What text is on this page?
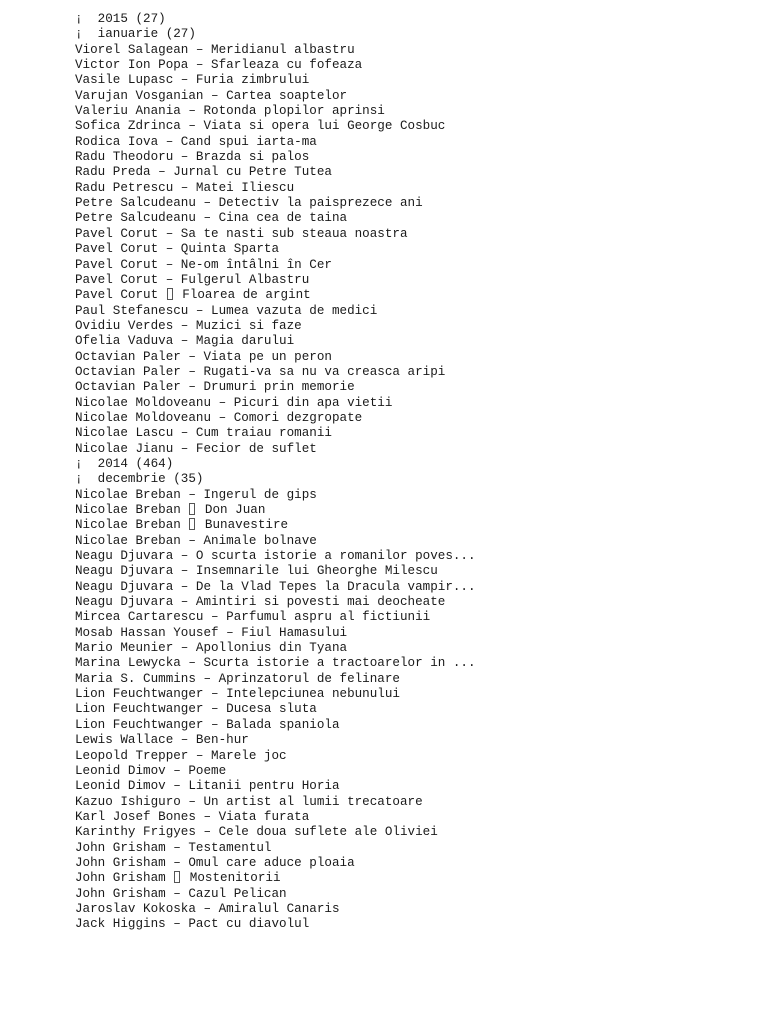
¡  2015 (27)
¡  ianuarie (27)
Viorel Salagean – Meridianul albastru
Victor Ion Popa – Sfarleaza cu fofeaza
Vasile Lupasc – Furia zimbrului
Varujan Vosganian – Cartea soaptelor
Valeriu Anania – Rotonda plopilor aprinsi
Sofica Zdrinca – Viata si opera lui George Cosbuc
Rodica Iova – Cand spui iarta-ma
Radu Theodoru – Brazda si palos
Radu Preda – Jurnal cu Petre Tutea
Radu Petrescu – Matei Iliescu
Petre Salcudeanu – Detectiv la paisprezece ani
Petre Salcudeanu – Cina cea de taina
Pavel Corut – Sa te nasti sub steaua noastra
Pavel Corut – Quinta Sparta
Pavel Corut – Ne-om întâlni în Cer
Pavel Corut – Fulgerul Albastru
Pavel Corut  Floarea de argint
Paul Stefanescu – Lumea vazuta de medici
Ovidiu Verdes – Muzici si faze
Ofelia Vaduva – Magia darului
Octavian Paler – Viata pe un peron
Octavian Paler – Rugati-va sa nu va creasca aripi
Octavian Paler – Drumuri prin memorie
Nicolae Moldoveanu – Picuri din apa vietii
Nicolae Moldoveanu – Comori dezgropate
Nicolae Lascu – Cum traiau romanii
Nicolae Jianu – Fecior de suflet
¡  2014 (464)
¡  decembrie (35)
Nicolae Breban – Ingerul de gips
Nicolae Breban  Don Juan
Nicolae Breban  Bunavestire
Nicolae Breban – Animale bolnave
Neagu Djuvara – O scurta istorie a romanilor poves...
Neagu Djuvara – Insemnarile lui Gheorghe Milescu
Neagu Djuvara – De la Vlad Tepes la Dracula vampir...
Neagu Djuvara – Amintiri si povesti mai deocheate
Mircea Cartarescu – Parfumul aspru al fictiunii
Mosab Hassan Yousef – Fiul Hamasului
Mario Meunier – Apollonius din Tyana
Marina Lewycka – Scurta istorie a tractoarelor in ...
Maria S. Cummins – Aprinzatorul de felinare
Lion Feuchtwanger – Intelepciunea nebunului
Lion Feuchtwanger – Ducesa sluta
Lion Feuchtwanger – Balada spaniola
Lewis Wallace – Ben-hur
Leopold Trepper – Marele joc
Leonid Dimov – Poeme
Leonid Dimov – Litanii pentru Horia
Kazuo Ishiguro – Un artist al lumii trecatoare
Karl Josef Bones – Viata furata
Karinthy Frigyes – Cele doua suflete ale Oliviei
John Grisham – Testamentul
John Grisham – Omul care aduce ploaia
John Grisham  Mostenitorii
John Grisham – Cazul Pelican
Jaroslav Kokoska – Amiralul Canaris
Jack Higgins – Pact cu diavolul
